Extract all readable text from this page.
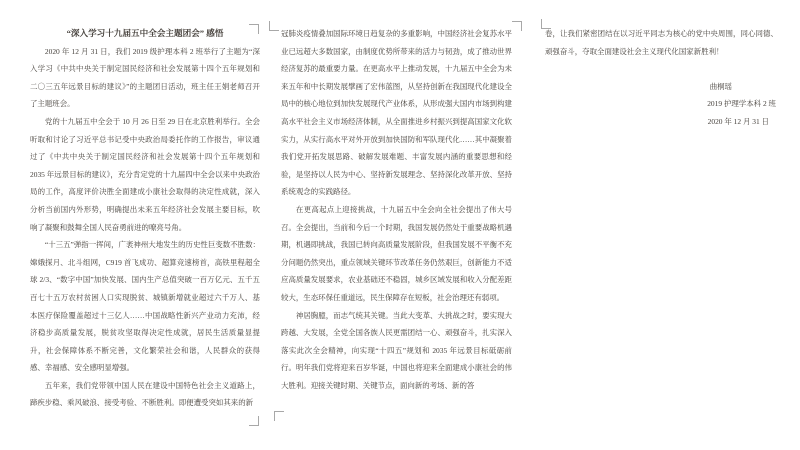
“深入学习十九届五中全会主题团会” 感悟

2020 年 12 月 31 日，我们 2019 级护理本科 2 班举行了主题为“深入学习《中共中央关于制定国民经济和社会发展第十四个五年规划和二〇三五年远景目标的建议》”的主题团日活动，班主任王娟老师召开了主题班会。

党的十九届五中全会于 10 月 26 日至 29 日在北京胜利举行。全会听取和讨论了习近平总书记受中央政治局委托作的工作报告，审议通过了《中共中央关于制定国民经济和社会发展第十四个五年规划和 2035 年远景目标的建议》，充分肯定党的十九届四中全会以来中央政治局的工作，高度评价决胜全面建成小康社会取得的决定性成就，深入分析当前国内外形势，明确提出未来五年经济社会发展主要目标，吹响了凝聚和鼓舞全国人民奋勇前进的嘹亮号角。

“十三五”弹指一挥间，广袤神州大地发生的历史性巨变数不胜数：嫦娥探月、北斗组网，C919 首飞成功、超算竞速榜首，高铁里程超全球 2/3、“数字中国”加快发展、国内生产总值突破一百万亿元、五千五百七十五万农村贫困人口实现脱贫、城镇新增就业超过六千万人、基本医疗保险覆盖超过十三亿人……中国战略性新兴产业动力充沛，经济稳步高质量发展，脱贫攻坚取得决定性成就，居民生活质量显提升，社会保障体系不断完善，文化繁荣社会和谐，人民群众的获得感、幸福感、安全感明显增强。

五年来，我们党带领中国人民在建设中国特色社会主义道路上，蹄疾步稳、乘风破浪、接受考验、不断胜利。即便遭受突如其来的新

冠肺炎疫情叠加国际环境日趋复杂的多重影响，中国经济社会复苏水平业已远超大多数国家，由制度优势所带来的活力与韧劲，成了推动世界经济复苏的最重要力量。在更高水平上推动发展，十九届五中全会为未来五年和中长期发展擘画了宏伟蓝图，从坚持创新在我国现代化建设全局中的核心地位到加快发展现代产业体系，从形成强大国内市场到构建高水平社会主义市场经济体制，从全面推进乡村振兴到提高国家文化软实力，从实行高水平对外开放到加快国防和军队现代化……其中凝聚着我们党开拓发展思路、破解发展难题、丰富发展内涵的重要思想和经验，是坚持以人民为中心、坚持新发展理念、坚持深化改革开放、坚持系统观念的实践路径。

在更高起点上迎接挑战，十九届五中全会向全社会提出了伟大号召。全会提出，当前和今后一个时期，我国发展仍然处于重要战略机遇期，机遇即挑战，我国已转向高质量发展阶段，但我国发展不平衡不充分问题仍然突出，重点领域关键环节改革任务仍然艰巨，创新能力不适应高质量发展要求，农业基础还不稳固，城乡区域发展和收入分配差距较大，生态环保任重道远，民生保障存在短板，社会治理还有弱项。

神居胸臆，而志气统其关键。当此大变革、大挑战之时，要实现大跨越、大发展，全党全国各族人民更需团结一心、顽强奋斗，扎实深入落实此次全会精神，向实现“十四五”规划和 2035 年远景目标砥砺前行。明年我们党将迎来百岁华诞，中国也将迎来全面建成小康社会的伟大胜利。迎接关键时期、关键节点，面向新的考场、新的答

卷，让我们紧密团结在以习近平同志为核心的党中央周围，同心同德、顽强奋斗，夺取全面建设社会主义现代化国家新胜利！

曲桐瑶

2019 护理学本科 2 班

2020 年 12 月 31 日
